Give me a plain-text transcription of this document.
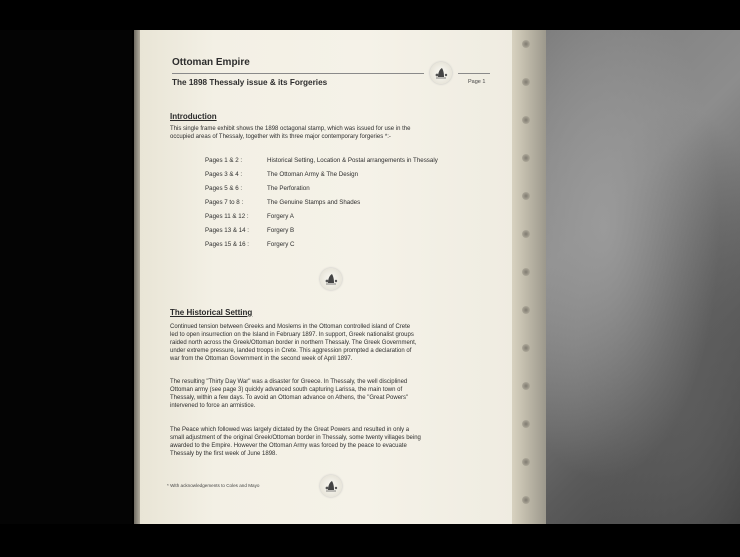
Ottoman Empire
The 1898 Thessaly issue & its Forgeries	Page 1
Introduction
This single frame exhibit shows the 1898 octagonal stamp, which was issued for use in the
occupied areas of Thessaly, together with its three major contemporary forgeries *:-
Pages 1 & 2 :	Historical Setting, Location & Postal arrangements in Thessaly
Pages 3 & 4 :	The Ottoman Army & The Design
Pages 5 & 6 :	The Perforation
Pages 7 to 8 :	The Genuine Stamps and Shades
Pages 11 & 12 :	Forgery A
Pages 13 & 14 :	Forgery B
Pages 15 & 16 :	Forgery C
The Historical Setting
Continued tension between Greeks and Moslems in the Ottoman controlled island of Crete
led to open insurrection on the Island in February 1897. In support, Greek nationalist groups
raided north across the Greek/Ottoman border in northern Thessaly. The Greek Government,
under extreme pressure, landed troops in Crete. This aggression prompted a declaration of
war from the Ottoman Government in the second week of April 1897.
The resulting "Thirty Day War" was a disaster for Greece. In Thessaly, the well disciplined
Ottoman army (see page 3) quickly advanced south capturing Larissa, the main town of
Thessaly, within a few days. To avoid an Ottoman advance on Athens, the "Great Powers"
intervened to force an armistice.
The Peace which followed was largely dictated by the Great Powers and resulted in only a
small adjustment of the original Greek/Ottoman border in Thessaly, some twenty villages being
awarded to the Empire. However the Ottoman Army was forced by the peace to evacuate
Thessaly by the first week of June 1898.
* With acknowledgements to Coles and Mayo
